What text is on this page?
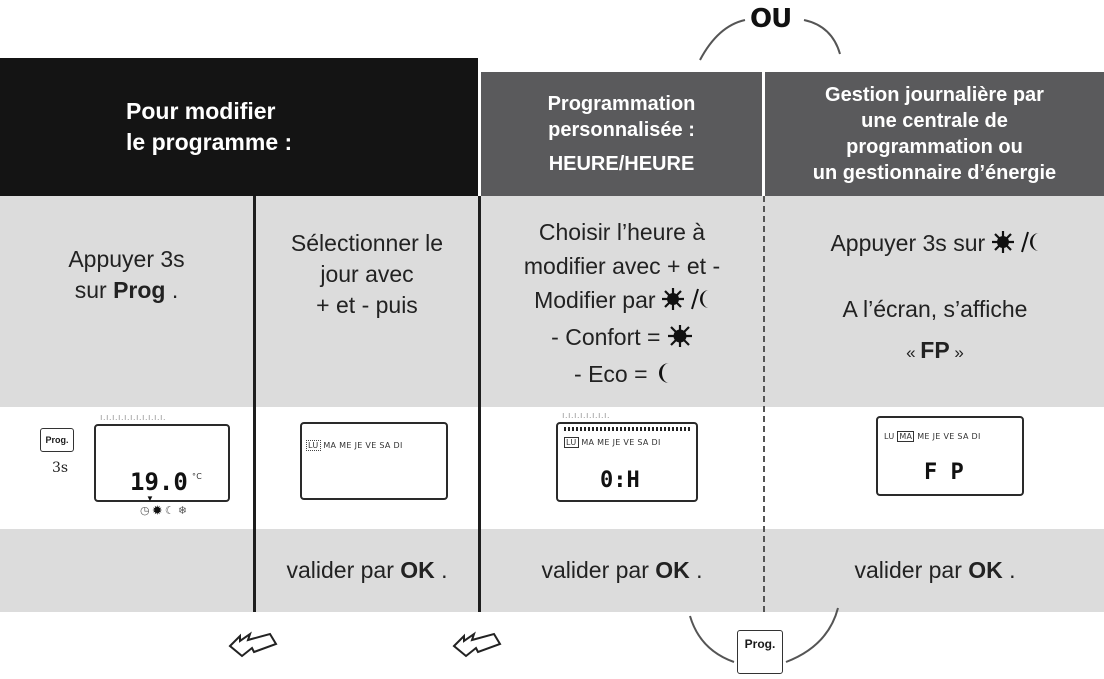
OU
Pour modifier
le programme :
Programmation
personnalisée :
HEURE/HEURE
Gestion journalière par
une centrale de
programmation ou
un gestionnaire d’énergie
Appuyer 3s
sur Prog .
Sélectionner le
jour avec
+ et - puis
Choisir l’heure à
modifier avec + et -
Modifier par
- Confort =
- Eco =
Appuyer 3s sur
A l’écran, s’affiche
« FP »
Prog.
3s
ı.ı.ı.ı.ı.ı.ı.ı.ı.ı.ı.
19.0 °C
▼
◷ ✹ ☾ ❄
LU MA ME JE VE SA DI
ı.ı.ı.ı.ı.ı.ı.ı.
LU MA ME JE VE SA DI
0:H
LU MA ME JE VE SA DI
F P
valider par OK .	valider par OK .	valider par OK .
Prog.
